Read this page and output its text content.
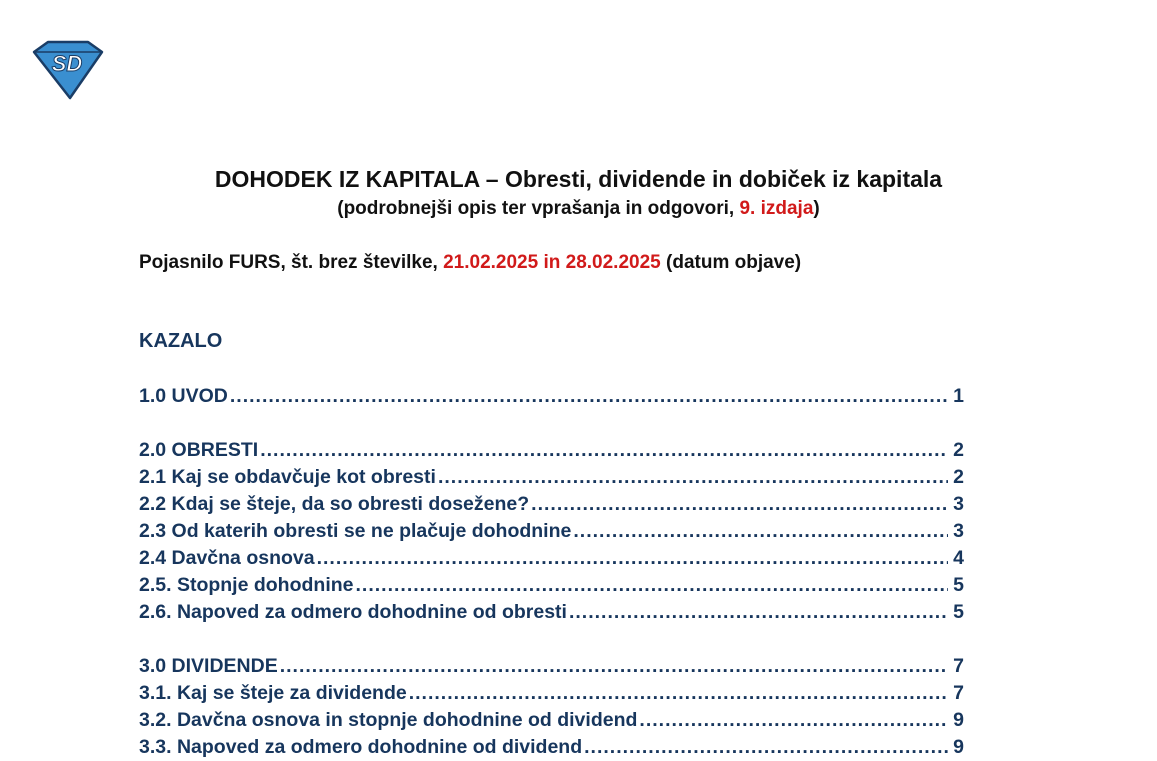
SD
DOHODEK IZ KAPITALA – Obresti, dividende in dobiček iz kapitala
(podrobnejši opis ter vprašanja in odgovori, 9. izdaja)
Pojasnilo FURS, št. brez številke, 21.02.2025 in 28.02.2025 (datum objave)
KAZALO
1.0 UVOD .....	1
2.0 OBRESTI .....	2
2.1 Kaj se obdavčuje kot obresti .....	2
2.2 Kdaj se šteje, da so obresti dosežene? .....	3
2.3 Od katerih obresti se ne plačuje dohodnine .....	3
2.4 Davčna osnova .....	4
2.5. Stopnje dohodnine .....	5
2.6. Napoved za odmero dohodnine od obresti .....	5
3.0 DIVIDENDE .....	7
3.1. Kaj se šteje za dividende .....	7
3.2. Davčna osnova in stopnje dohodnine od dividend .....	9
3.3. Napoved za odmero dohodnine od dividend .....	9
